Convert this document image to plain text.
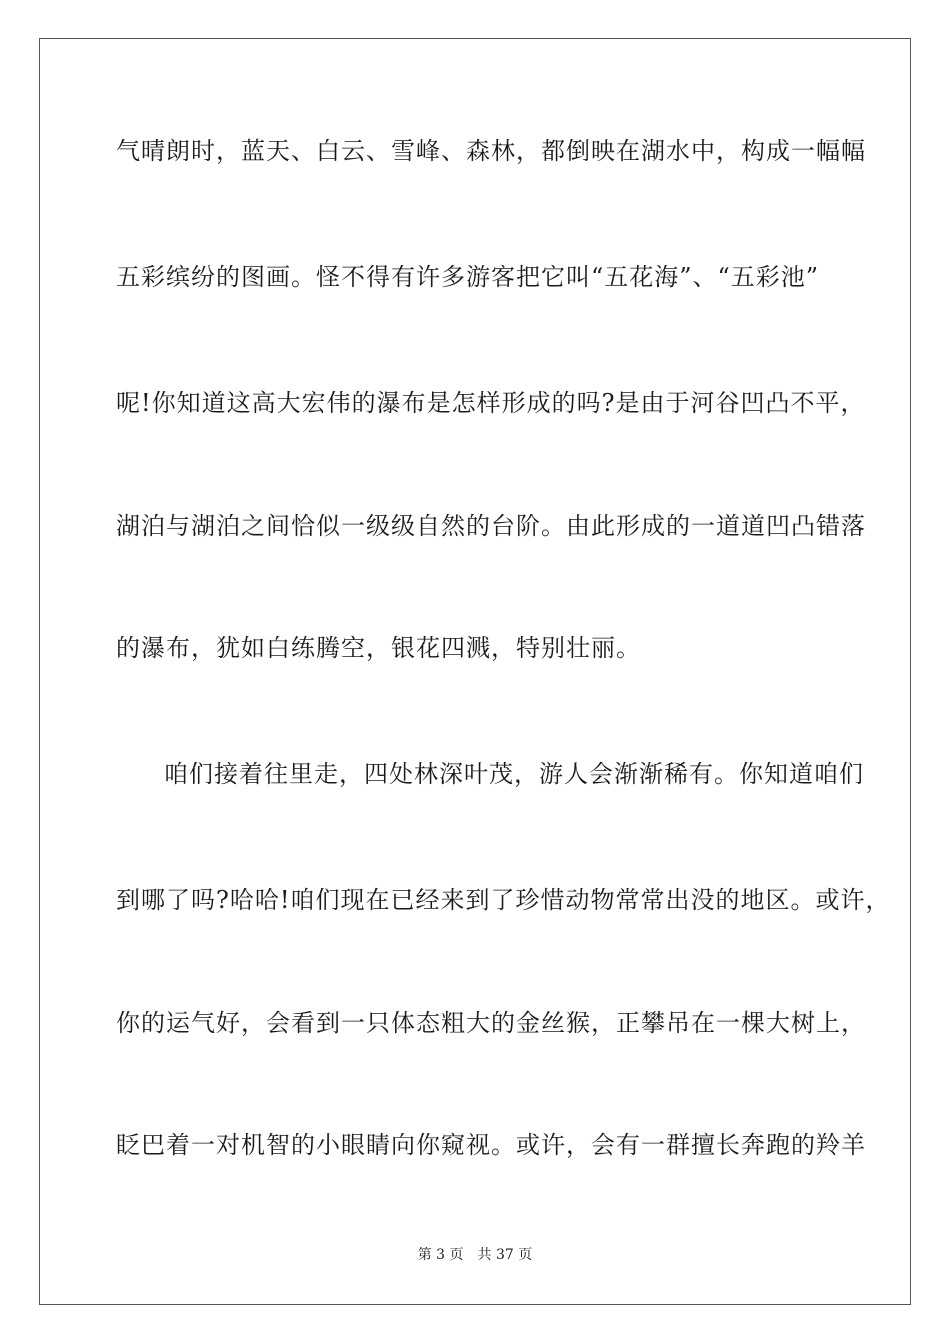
气晴朗时，蓝天、白云、雪峰、森林，都倒映在湖水中，构成一幅幅
五彩缤纷的图画。怪不得有许多游客把它叫“五花海”、“五彩池”
呢!你知道这高大宏伟的瀑布是怎样形成的吗?是由于河谷凹凸不平，
湖泊与湖泊之间恰似一级级自然的台阶。由此形成的一道道凹凸错落
的瀑布，犹如白练腾空，银花四溅，特别壮丽。
咱们接着往里走，四处林深叶茂，游人会渐渐稀有。你知道咱们
到哪了吗?哈哈!咱们现在已经来到了珍惜动物常常出没的地区。或许，
你的运气好，会看到一只体态粗大的金丝猴，正攀吊在一棵大树上，
眨巴着一对机智的小眼睛向你窥视。或许，会有一群擅长奔跑的羚羊
第 3 页　共 37 页
